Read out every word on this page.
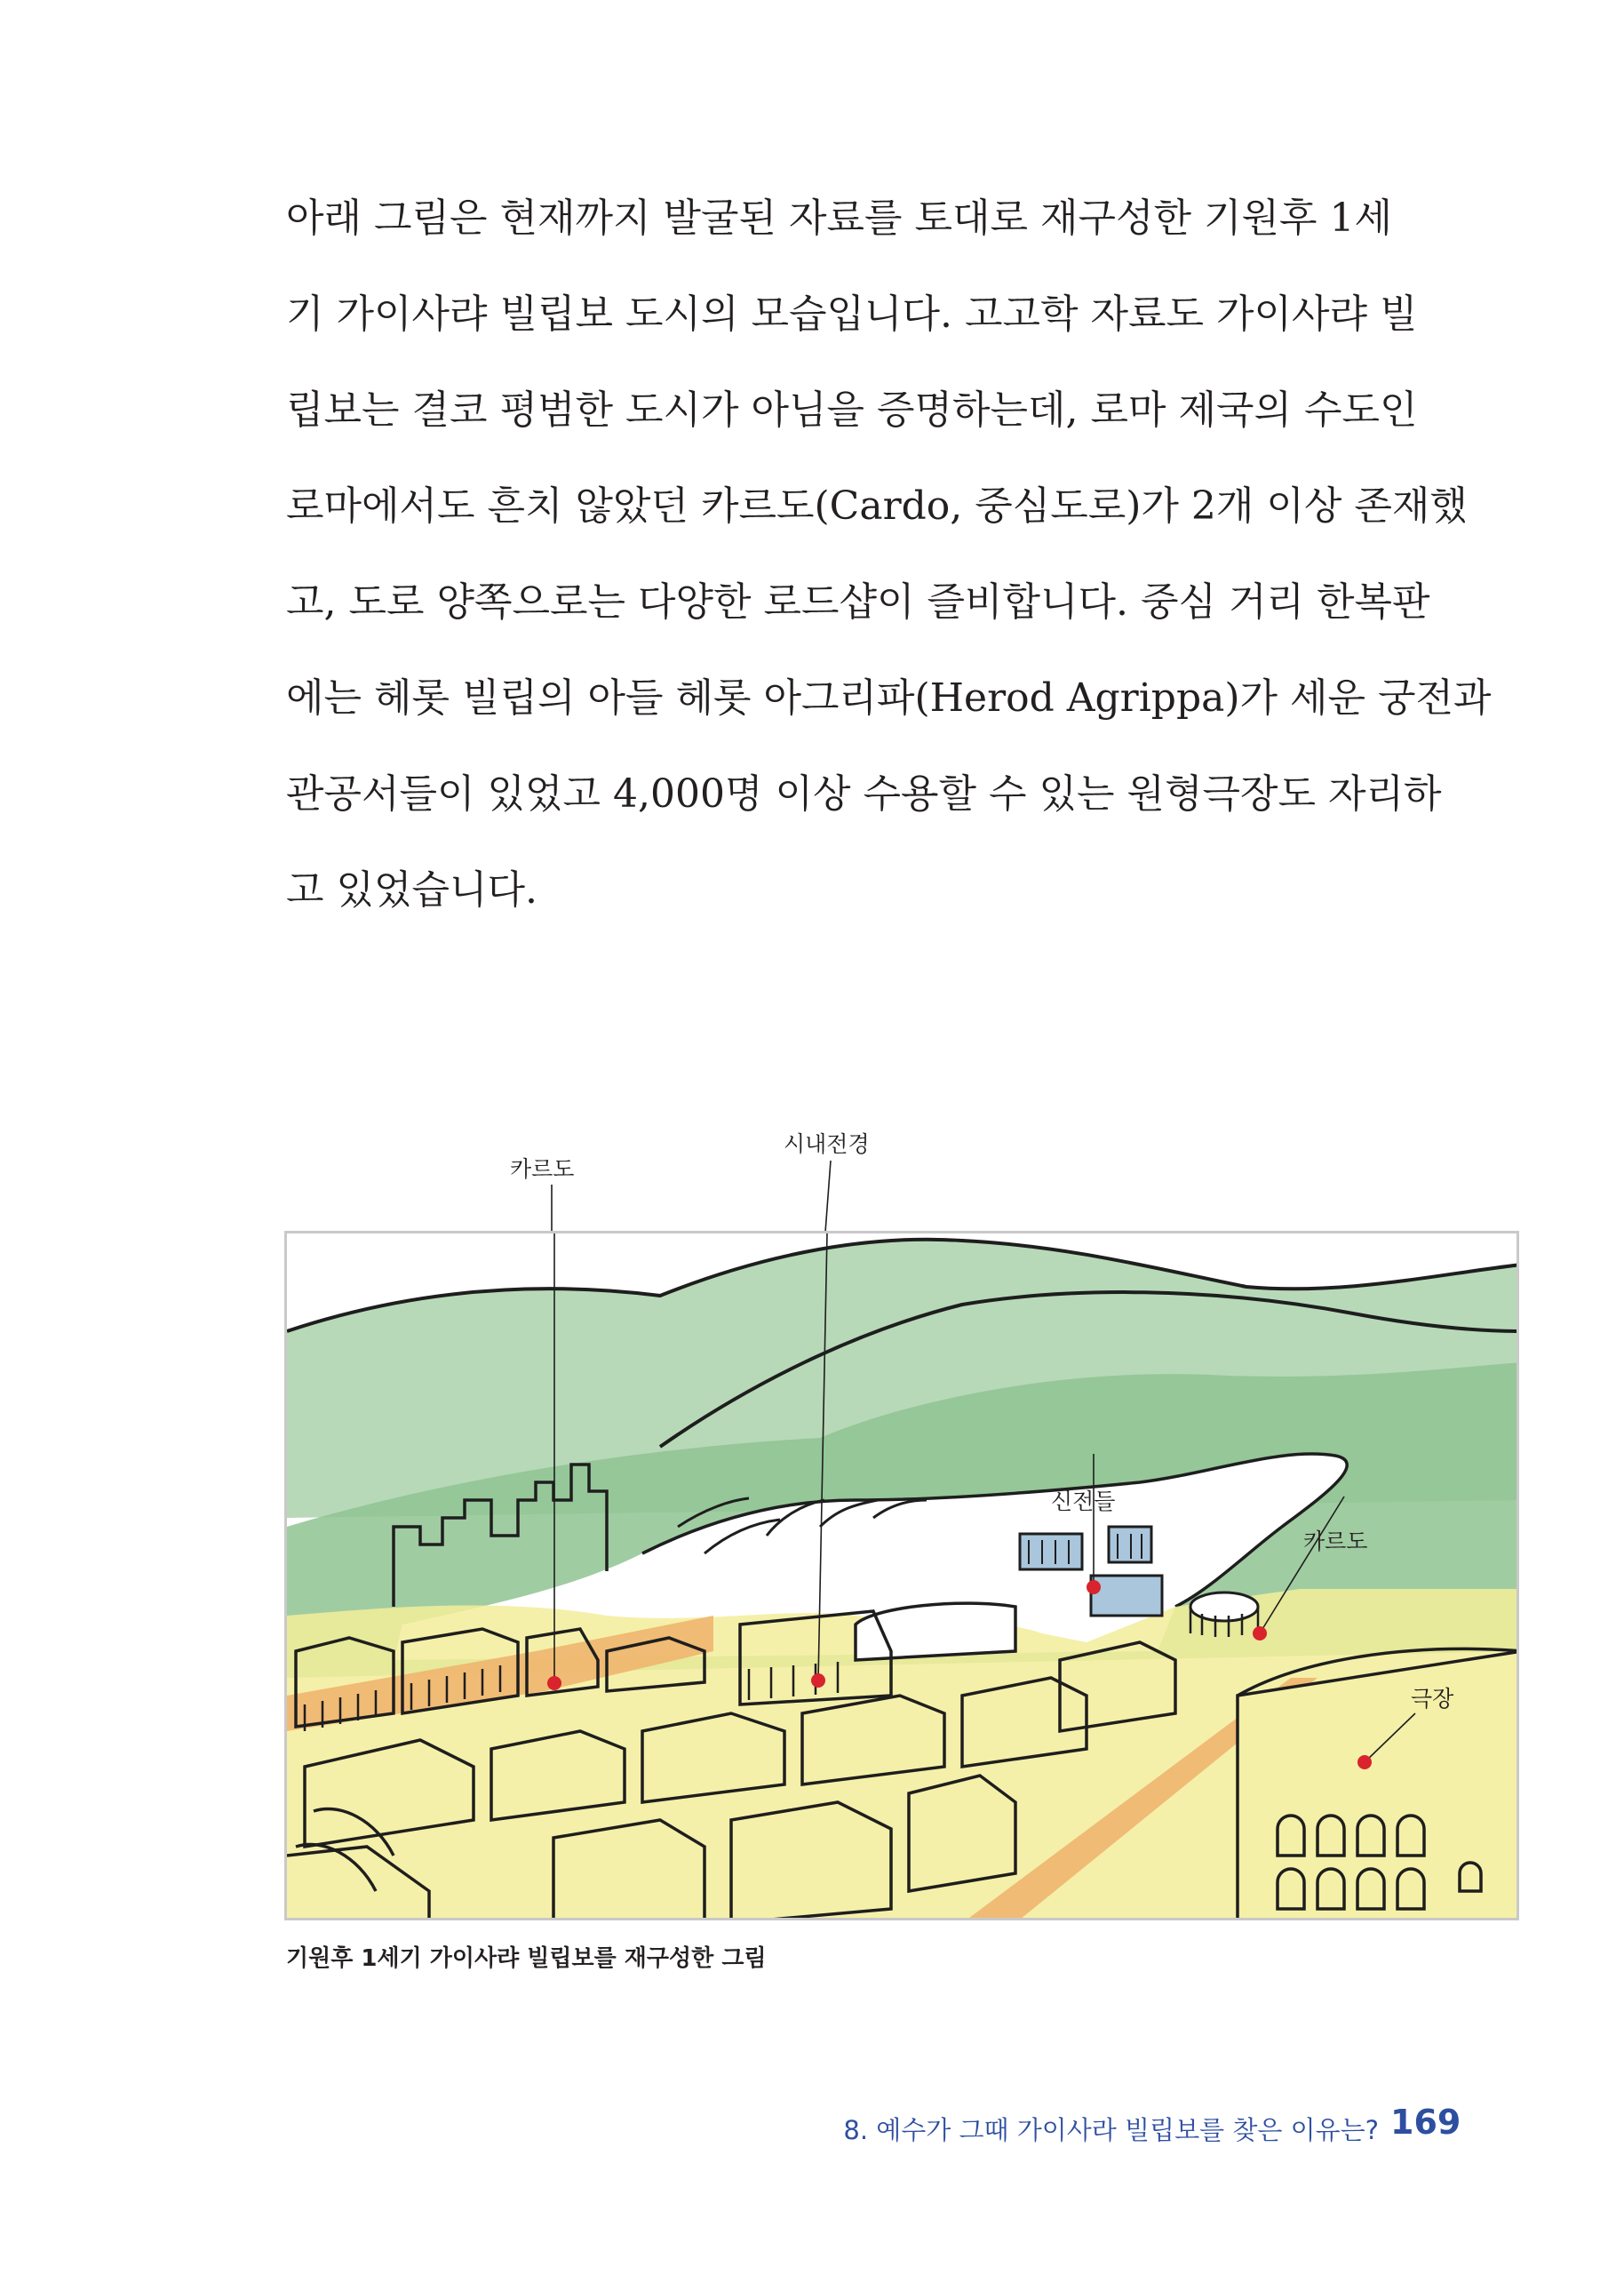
아래 그림은 현재까지 발굴된 자료를 토대로 재구성한 기원후 1세
기 가이사랴 빌립보 도시의 모습입니다. 고고학 자료도 가이사랴 빌
립보는 결코 평범한 도시가 아님을 증명하는데, 로마 제국의 수도인
로마에서도 흔치 않았던 카르도(Cardo, 중심도로)가 2개 이상 존재했
고, 도로 양쪽으로는 다양한 로드샵이 즐비합니다. 중심 거리 한복판
에는 헤롯 빌립의 아들 헤롯 아그리파(Herod Agrippa)가 세운 궁전과
관공서들이 있었고 4,000명 이상 수용할 수 있는 원형극장도 자리하
고 있었습니다.
카르도
시내전경
신전들
카르도
극장
기원후 1세기 가이사랴 빌립보를 재구성한 그림
8. 예수가 그때 가이사라 빌립보를 찾은 이유는? 169
